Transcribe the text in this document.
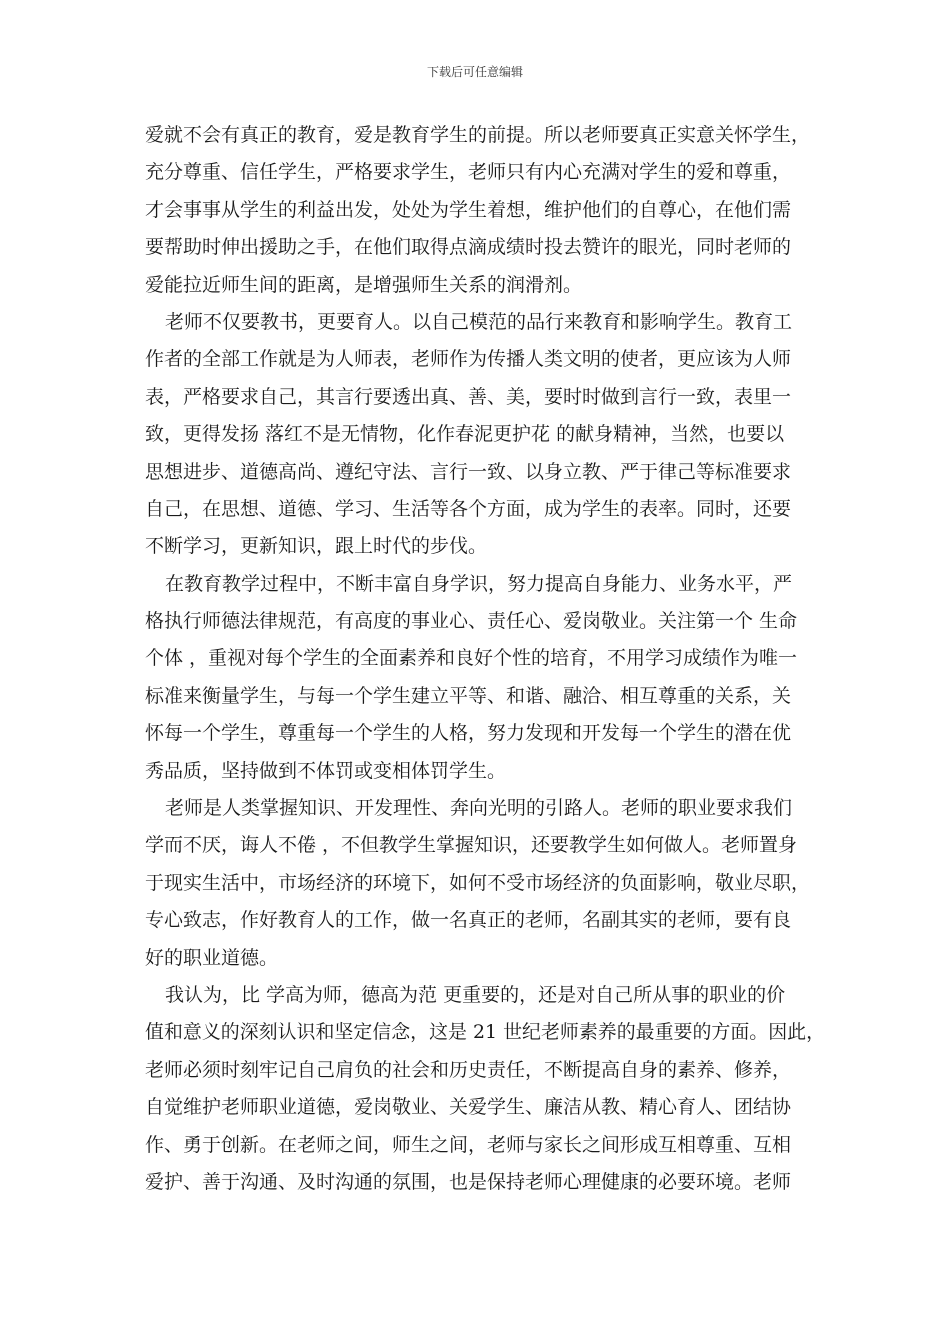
下载后可任意编辑
爱就不会有真正的教育，爱是教育学生的前提。所以老师要真正实意关怀学生，
充分尊重、信任学生，严格要求学生，老师只有内心充满对学生的爱和尊重，
才会事事从学生的利益出发，处处为学生着想，维护他们的自尊心，在他们需
要帮助时伸出援助之手，在他们取得点滴成绩时投去赞许的眼光，同时老师的
爱能拉近师生间的距离，是增强师生关系的润滑剂。
老师不仅要教书，更要育人。以自己模范的品行来教育和影响学生。教育工
作者的全部工作就是为人师表，老师作为传播人类文明的使者，更应该为人师
表，严格要求自己，其言行要透出真、善、美，要时时做到言行一致，表里一
致，更得发扬 落红不是无情物，化作春泥更护花 的献身精神，当然，也要以
思想进步、道德高尚、遵纪守法、言行一致、以身立教、严于律己等标准要求
自己，在思想、道德、学习、生活等各个方面，成为学生的表率。同时，还要
不断学习，更新知识，跟上时代的步伐。
在教育教学过程中，不断丰富自身学识，努力提高自身能力、业务水平，严
格执行师德法律规范，有高度的事业心、责任心、爱岗敬业。关注第一个 生命
个体 ，重视对每个学生的全面素养和良好个性的培育，不用学习成绩作为唯一
标准来衡量学生，与每一个学生建立平等、和谐、融洽、相互尊重的关系，关
怀每一个学生，尊重每一个学生的人格，努力发现和开发每一个学生的潜在优
秀品质，坚持做到不体罚或变相体罚学生。
老师是人类掌握知识、开发理性、奔向光明的引路人。老师的职业要求我们
学而不厌，诲人不倦 ，不但教学生掌握知识，还要教学生如何做人。老师置身
于现实生活中，市场经济的环境下，如何不受市场经济的负面影响，敬业尽职，
专心致志，作好教育人的工作，做一名真正的老师，名副其实的老师，要有良
好的职业道德。
我认为，比 学高为师，德高为范 更重要的，还是对自己所从事的职业的价
值和意义的深刻认识和坚定信念，这是 21 世纪老师素养的最重要的方面。因此，
老师必须时刻牢记自己肩负的社会和历史责任，不断提高自身的素养、修养，
自觉维护老师职业道德，爱岗敬业、关爱学生、廉洁从教、精心育人、团结协
作、勇于创新。在老师之间，师生之间，老师与家长之间形成互相尊重、互相
爱护、善于沟通、及时沟通的氛围，也是保持老师心理健康的必要环境。老师
